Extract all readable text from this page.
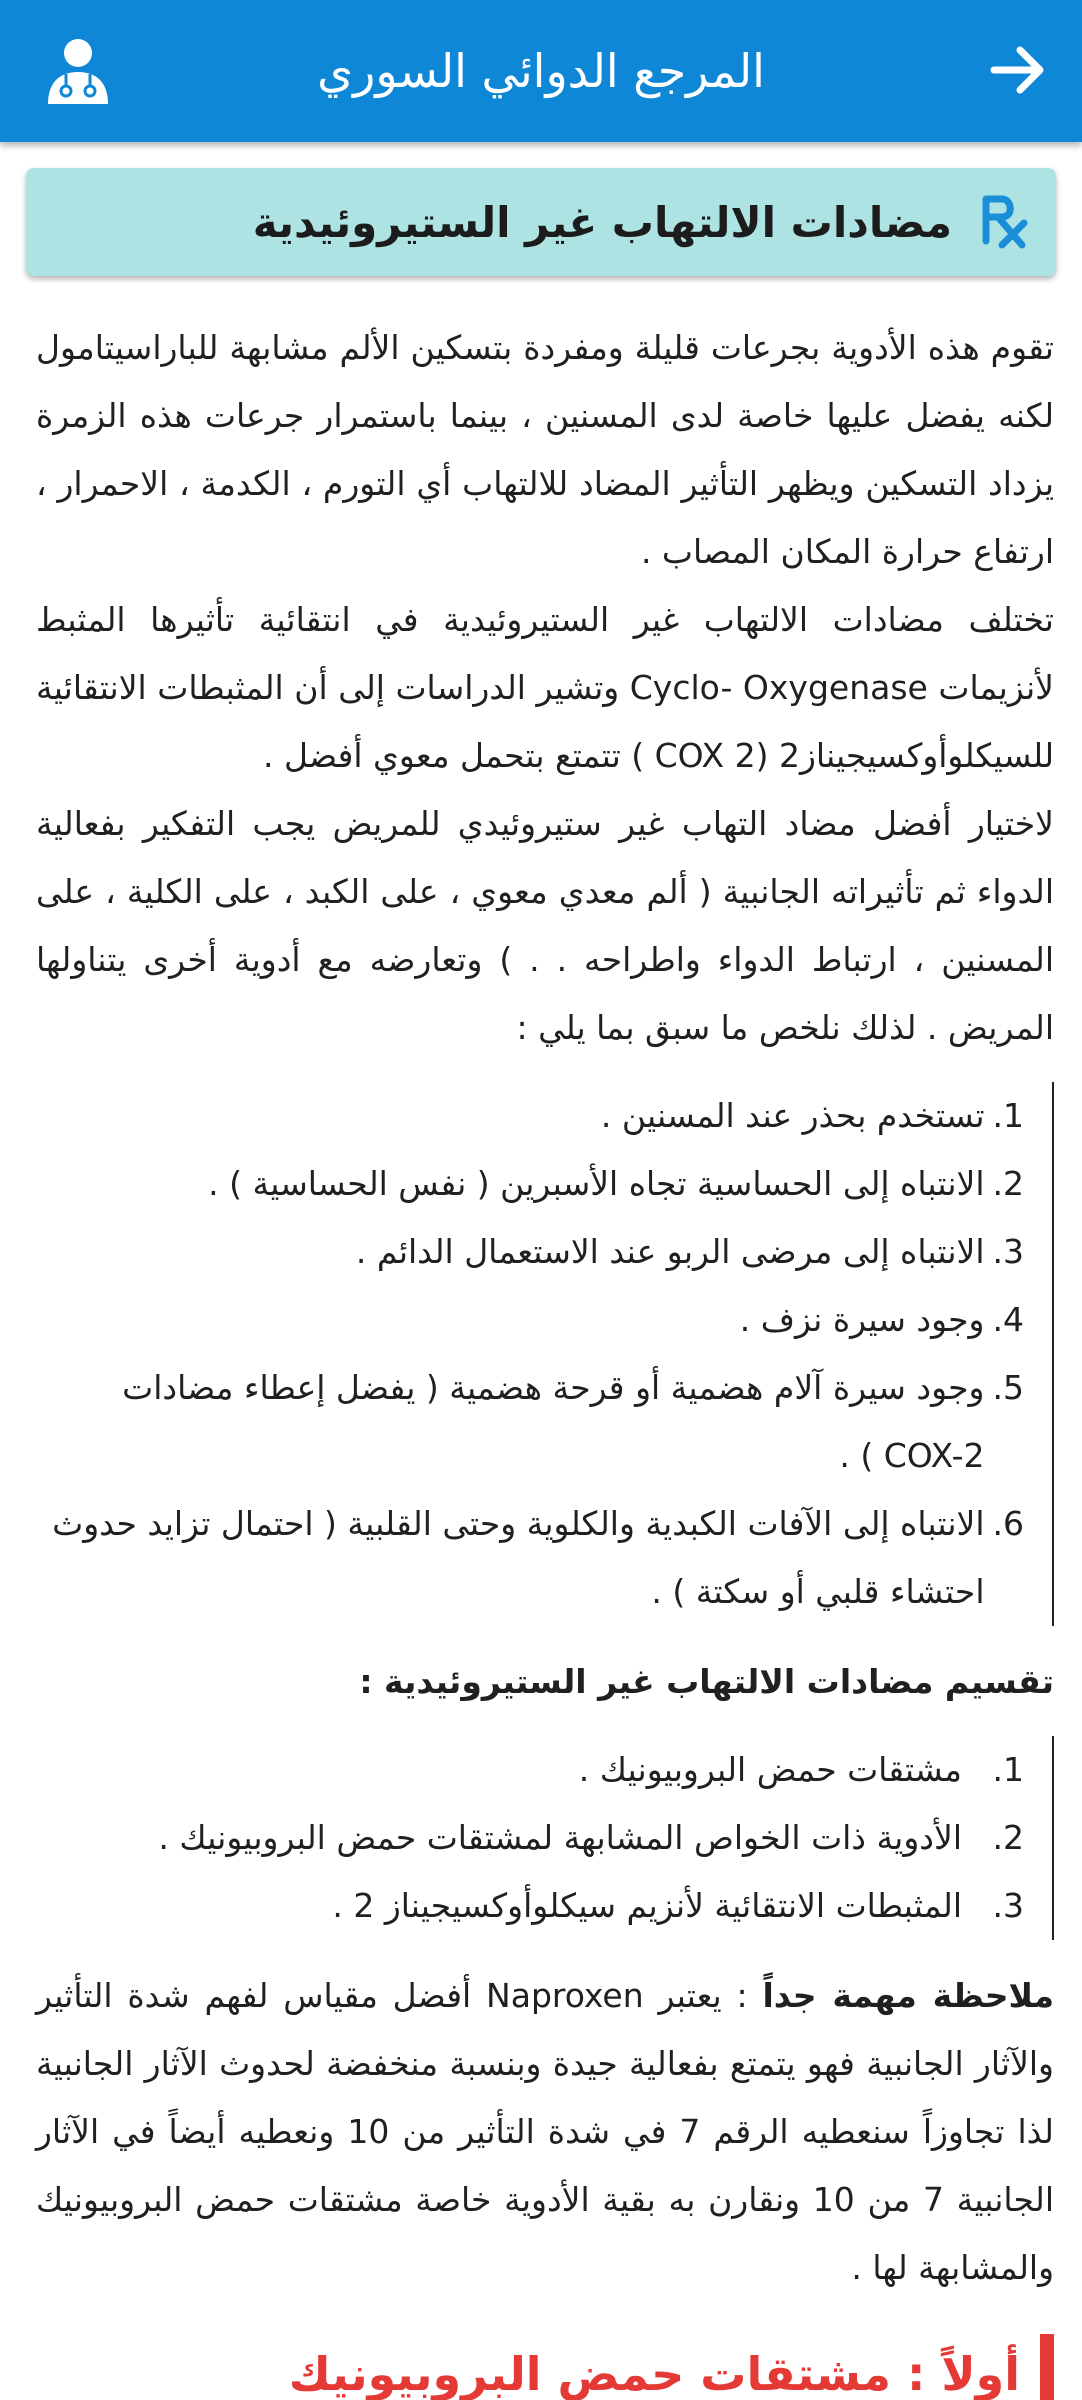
المرجع الدوائي السوري
مضادات الالتهاب غير الستيروئيدية

تقوم هذه الأدوية بجرعات قليلة ومفردة بتسكين الألم مشابهة للباراسيتامول لكنه يفضل عليها خاصة لدى المسنين ، بينما باستمرار جرعات هذه الزمرة يزداد التسكين ويظهر التأثير المضاد للالتهاب أي التورم ، الكدمة ، الاحمرار ، ارتفاع حرارة المكان المصاب .

تختلف مضادات الالتهاب غير الستيروئيدية في انتقائية تأثيرها المثبط لأنزيمات Cyclo- Oxygenase وتشير الدراسات إلى أن المثبطات الانتقائية للسيكلوأوكسيجيناز2 (COX 2 ) تتمتع بتحمل معوي أفضل .

لاختيار أفضل مضاد التهاب غير ستيروئيدي للمريض يجب التفكير بفعالية الدواء ثم تأثيراته الجانبية ( ألم معدي معوي ، على الكبد ، على الكلية ، على المسنين ، ارتباط الدواء واطراحه . . ) وتعارضه مع أدوية أخرى يتناولها المريض . لذلك نلخص ما سبق بما يلي :

1.
تستخدم بحذر عند المسنين .
2.
الانتباه إلى الحساسية تجاه الأسبرين ( نفس الحساسية ) .
3.
الانتباه إلى مرضى الربو عند الاستعمال الدائم .
4.
وجود سيرة نزف .
5.
وجود سيرة آلام هضمية أو قرحة هضمية ( يفضل إعطاء مضادات COX-2 ) .
6.
الانتباه إلى الآفات الكبدية والكلوية وحتى القلبية ( احتمال تزايد حدوث احتشاء قلبي أو سكتة ) .

تقسيم مضادات الالتهاب غير الستيروئيدية :

1.
مشتقات حمض البروبيونيك .
2.
الأدوية ذات الخواص المشابهة لمشتقات حمض البروبيونيك .
3.
المثبطات الانتقائية لأنزيم سيكلوأوكسيجيناز 2 .

ملاحظة مهمة جداً : يعتبر Naproxen أفضل مقياس لفهم شدة التأثير والآثار الجانبية فهو يتمتع بفعالية جيدة وبنسبة منخفضة لحدوث الآثار الجانبية لذا تجاوزاً سنعطيه الرقم 7 في شدة التأثير من 10 ونعطيه أيضاً في الآثار الجانبية 7 من 10 ونقارن به بقية الأدوية خاصة مشتقات حمض البروبيونيك والمشابهة لها .

أولاً : مشتقات حمض البروبيونيك
